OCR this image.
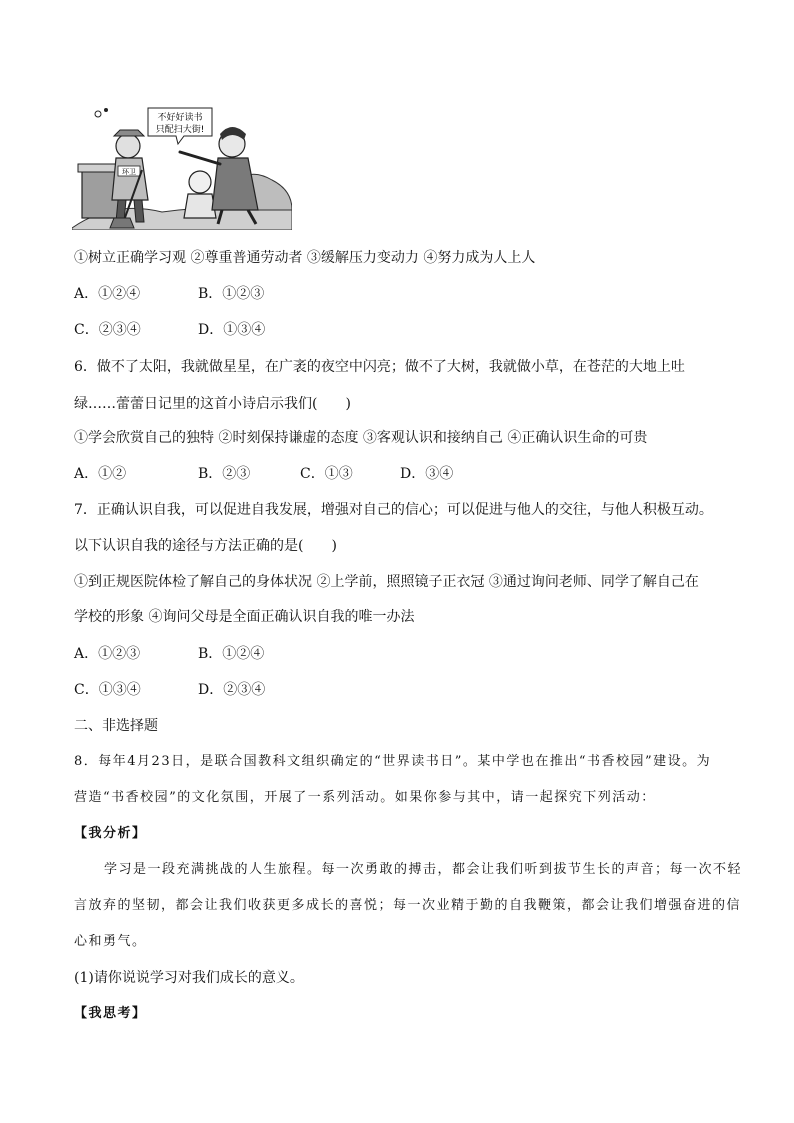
环卫
不好好读书
只配扫大街!
①树立正确学习观 ②尊重普通劳动者 ③缓解压力变动力 ④努力成为人上人
A．①②④	B．①②③
C．②③④	D．①③④
6．做不了太阳，我就做星星，在广袤的夜空中闪亮；做不了大树，我就做小草，在苍茫的大地上吐
绿……蕾蕾日记里的这首小诗启示我们(　　)
①学会欣赏自己的独特 ②时刻保持谦虚的态度 ③客观认识和接纳自己 ④正确认识生命的可贵
A．①②	B．②③	C．①③	D．③④
7．正确认识自我，可以促进自我发展，增强对自己的信心；可以促进与他人的交往，与他人积极互动。
以下认识自我的途径与方法正确的是(　　)
①到正规医院体检了解自己的身体状况 ②上学前，照照镜子正衣冠 ③通过询问老师、同学了解自己在
学校的形象 ④询问父母是全面正确认识自我的唯一办法
A．①②③	B．①②④
C．①③④	D．②③④
二、非选择题
8．每年4月23日，是联合国教科文组织确定的“世界读书日”。某中学也在推出“书香校园”建设。为
营造“书香校园”的文化氛围，开展了一系列活动。如果你参与其中，请一起探究下列活动：
【我分析】
学习是一段充满挑战的人生旅程。每一次勇敢的搏击，都会让我们听到拔节生长的声音；每一次不轻
言放弃的坚韧，都会让我们收获更多成长的喜悦；每一次业精于勤的自我鞭策，都会让我们增强奋进的信
心和勇气。
(1)请你说说学习对我们成长的意义。
【我思考】
